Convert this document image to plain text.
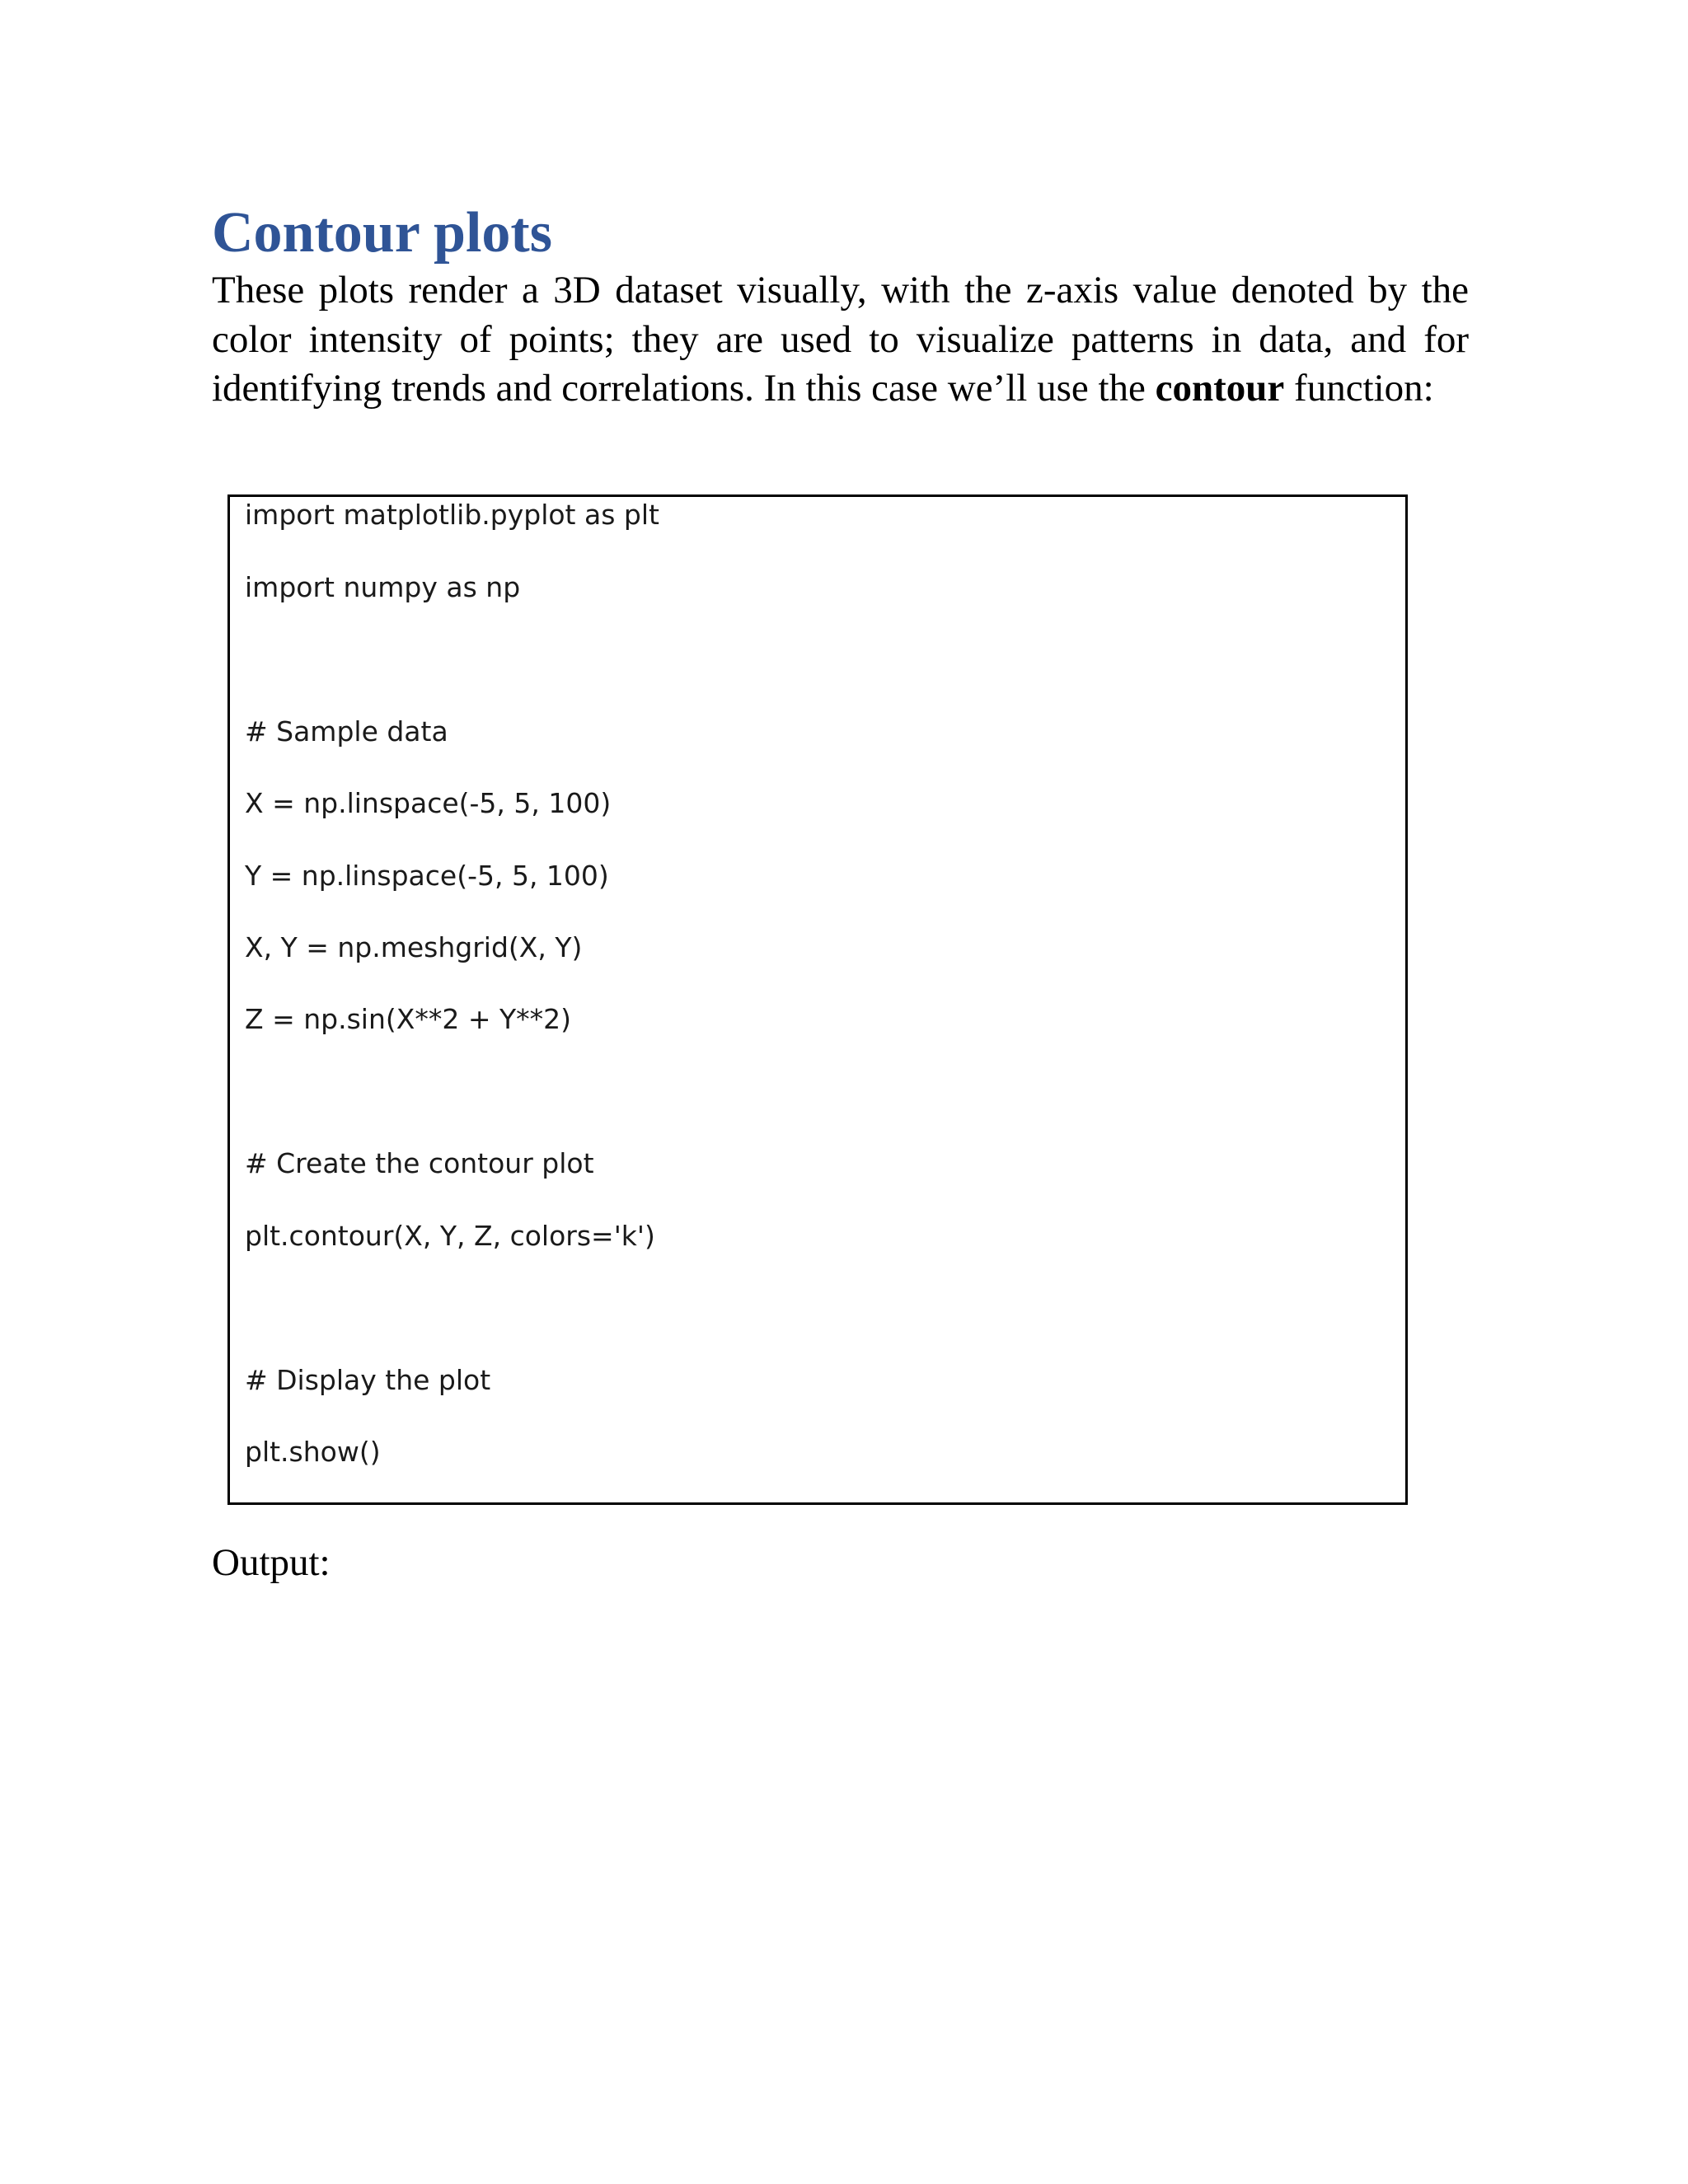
Contour plots

These plots render a 3D dataset visually, with the z-axis value denoted by the color intensity of points; they are used to visualize patterns in data, and for identifying trends and correlations. In this case we’ll use the contour function:

import matplotlib.pyplot as plt
import numpy as np
# Sample data
X = np.linspace(-5, 5, 100)
Y = np.linspace(-5, 5, 100)
X, Y = np.meshgrid(X, Y)
Z = np.sin(X**2 + Y**2)
# Create the contour plot
plt.contour(X, Y, Z, colors='k')
# Display the plot
plt.show()

Output:
